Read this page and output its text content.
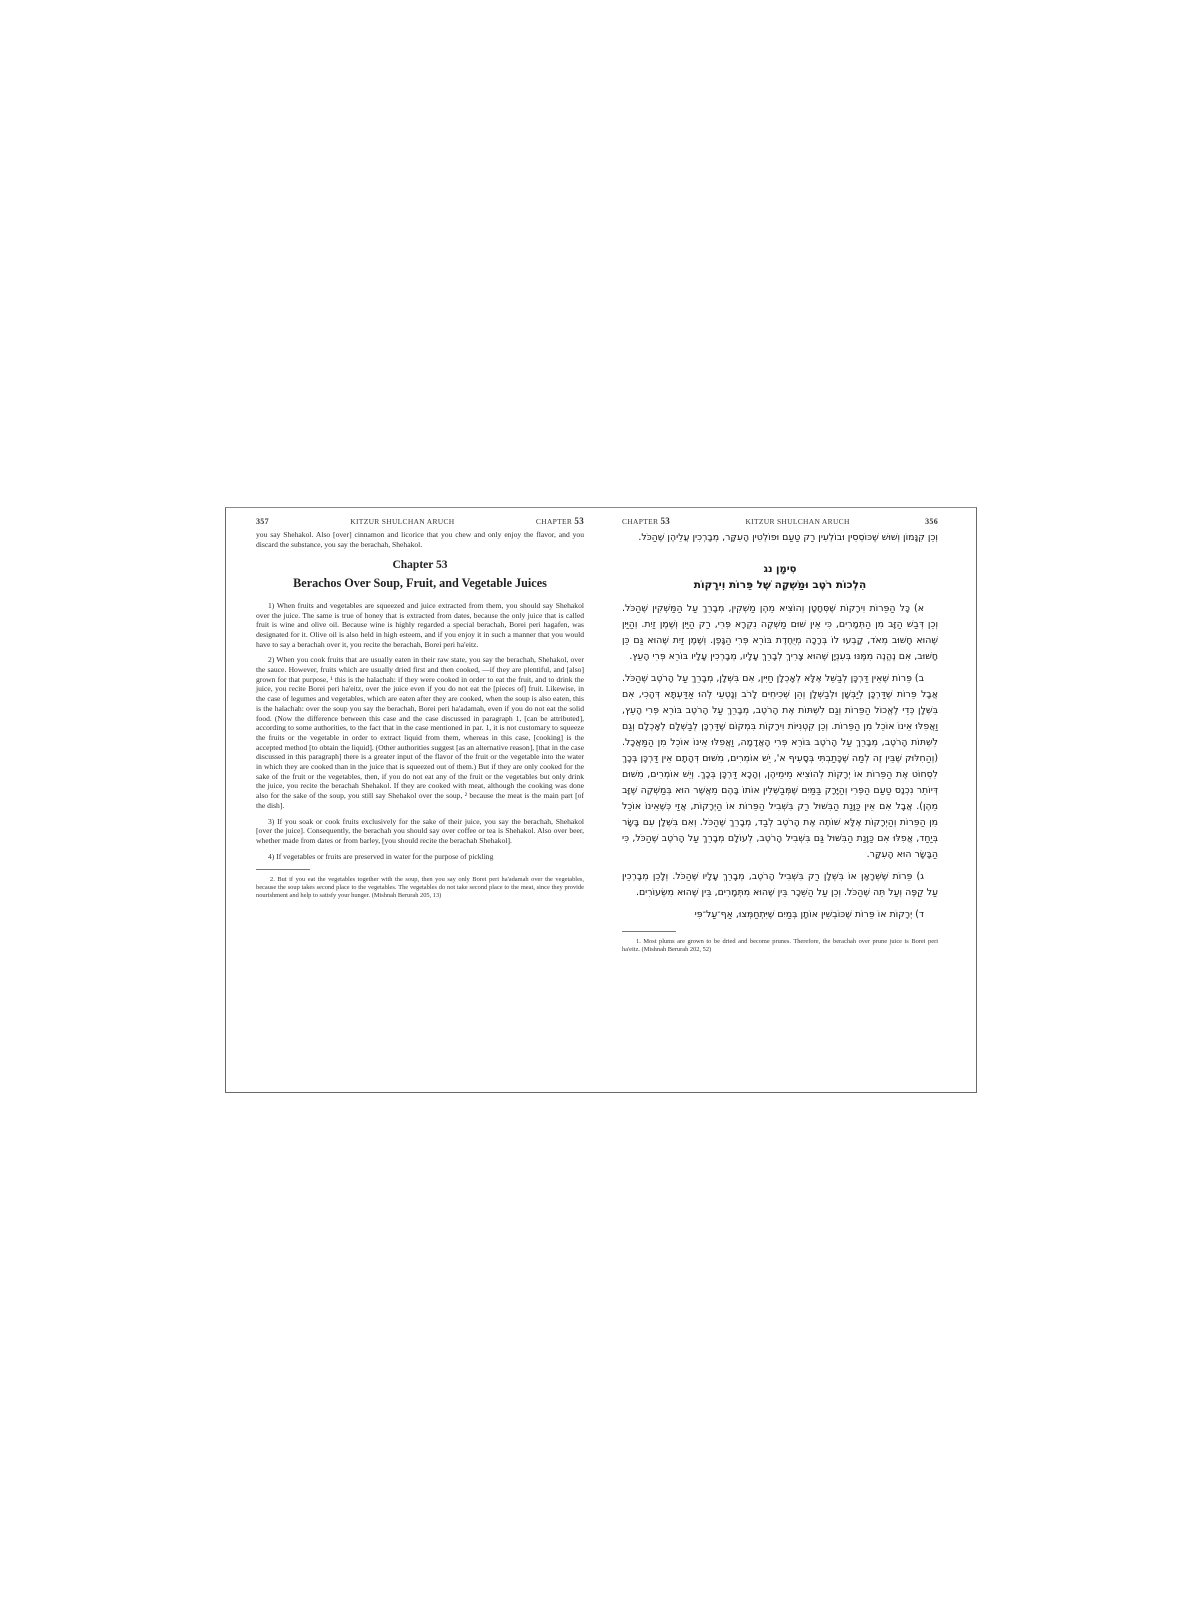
357	KITZUR SHULCHAN ARUCH	CHAPTER 53

you say Shehakol. Also [over] cinnamon and licorice that you chew and only enjoy the flavor, and you discard the substance, you say the berachah, Shehakol.

Chapter 53
Berachos Over Soup, Fruit, and Vegetable Juices

1) When fruits and vegetables are squeezed and juice extracted from them, you should say Shehakol over the juice. The same is true of honey that is extracted from dates, because the only juice that is called fruit is wine and olive oil. Because wine is highly regarded a special berachah, Borei peri hagafen, was designated for it. Olive oil is also held in high esteem, and if you enjoy it in such a manner that you would have to say a berachah over it, you recite the berachah, Borei peri ha'eitz.

2) When you cook fruits that are usually eaten in their raw state, you say the berachah, Shehakol, over the sauce. However, fruits which are usually dried first and then cooked, —if they are plentiful, and [also] grown for that purpose, ¹ this is the halachah: if they were cooked in order to eat the fruit, and to drink the juice, you recite Borei peri ha'eitz, over the juice even if you do not eat the [pieces of] fruit. Likewise, in the case of legumes and vegetables, which are eaten after they are cooked, when the soup is also eaten, this is the halachah: over the soup you say the berachah, Borei peri ha'adamah, even if you do not eat the solid food. (Now the difference between this case and the case discussed in paragraph 1, [can be attributed], according to some authorities, to the fact that in the case mentioned in par. 1, it is not customary to squeeze the fruits or the vegetable in order to extract liquid from them, whereas in this case, [cooking] is the accepted method [to obtain the liquid]. (Other authorities suggest [as an alternative reason], [that in the case discussed in this paragraph] there is a greater input of the flavor of the fruit or the vegetable into the water in which they are cooked than in the juice that is squeezed out of them.) But if they are only cooked for the sake of the fruit or the vegetables, then, if you do not eat any of the fruit or the vegetables but only drink the juice, you recite the berachah Shehakol. If they are cooked with meat, although the cooking was done also for the sake of the soup, you still say Shehakol over the soup, ² because the meat is the main part [of the dish].

3) If you soak or cook fruits exclusively for the sake of their juice, you say the berachah, Shehakol [over the juice]. Consequently, the berachah you should say over coffee or tea is Shehakol. Also over beer, whether made from dates or from barley, [you should recite the berachah Shehakol].

4) If vegetables or fruits are preserved in water for the purpose of pickling

2. But if you eat the vegetables together with the soup, then you say only Borei peri ha'adamah over the vegetables, because the soup takes second place to the vegetables. The vegetables do not take second place to the meat, since they provide nourishment and help to satisfy your hunger. (Mishnah Berurah 205, 13)
CHAPTER 53	KITZUR SHULCHAN ARUCH	356

וְכֵן קִנָּמוֹן וְשׁוּשׁ שֶׁכּוֹסְסִין וּבוֹלְעִין רַק טַעַם וּפוֹלְטִין הָעִקָּר, מְבָרְכִין עֲלֵיהֶן שֶׁהַכֹּל.

סִימָן נג
הִלְכוֹת רֹטֶב וּמַשְׁקֶה שֶׁל פֵּרוֹת וִירָקוֹת

א) כָּל הַפֵּרוֹת וִירָקוֹת שֶׁסְּחָטָן וְהוֹצִיא מֵהֶן מַשְׁקִין, מְבָרֵךְ עַל הַמַּשְׁקִין שֶׁהַכֹּל. וְכֵן דְּבַשׁ הַזָּב מִן הַתְּמָרִים, כִּי אֵין שׁוּם מַשְׁקֶה נִקְרָא פְּרִי, רַק הַיַּיִן וְשֶׁמֶן זַיִת. וְהַיַּיִן שֶׁהוּא חָשׁוּב מְאֹד, קָבְעוּ לוֹ בְּרָכָה מְיֻחֶדֶת בּוֹרֵא פְּרִי הַגָּפֶן. וְשֶׁמֶן זַיִת שֶׁהוּא גַּם כֵּן חָשׁוּב, אִם נֶהֱנֶה מִמֶּנּוּ בְּעִנְיָן שֶׁהוּא צָרִיךְ לְבָרֵךְ עָלָיו, מְבָרְכִין עָלָיו בּוֹרֵא פְּרִי הָעֵץ.

ב) פֵּרוֹת שֶׁאֵין דַּרְכָּן לְבַשֵּׁל אֶלָּא לְאָכְלָן חַיִּין, אִם בִּשְּׁלָן, מְבָרֵךְ עַל הָרֹטֶב שֶׁהַכֹּל. אֲבָל פֵּרוֹת שֶׁדַּרְכָּן לְיַבְּשָׁן וּלְבַשְּׁלָן וְהֵן שְׁכִיחִים לָרֹב וְנָטְעֵי לְהוּ אַדַּעְתָּא דְּהָכִי, אִם בִּשְּׁלָן כְּדֵי לֶאֱכוֹל הַפֵּרוֹת וְגַם לִשְׁתּוֹת אֶת הָרֹטֶב, מְבָרֵךְ עַל הָרֹטֶב בּוֹרֵא פְּרִי הָעֵץ, וַאֲפִלּוּ אֵינוֹ אוֹכֵל מִן הַפֵּרוֹת. וְכֵן קִטְנִיּוֹת וִירָקוֹת בִּמְקוֹם שֶׁדַּרְכָּן לְבַשְּׁלָם לְאָכְלָם וְגַם לִשְׁתּוֹת הָרֹטֶב, מְבָרֵךְ עַל הָרֹטֶב בּוֹרֵא פְּרִי הָאֲדָמָה, וַאֲפִלּוּ אֵינוֹ אוֹכֵל מִן הַמַּאֲכָל. (וְהַחִלּוּק שֶׁבֵּין זֶה לְמַה שֶּׁכָּתַבְתִּי בְּסָעִיף א', יֵשׁ אוֹמְרִים, מִשּׁוּם דְּהָתָם אֵין דַּרְכָּן בְּכָךְ לִסְחוֹט אֶת הַפֵּרוֹת אוֹ יְרָקוֹת לְהוֹצִיא מֵימֵיהֶן, וְהָכָא דַּרְכָּן בְּכָךְ. וְיֵשׁ אוֹמְרִים, מִשּׁוּם דְּיוֹתֵר נִכְנָס טַעַם הַפְּרִי וְהַיָּרָק בַּמַּיִם שֶׁמְּבַשְּׁלִין אוֹתוֹ בָּהֶם מֵאֲשֶׁר הוּא בְּמַשְׁקֶה שֶׁזָּב מֵהֶן). אֲבָל אִם אֵין כַּוָּנַת הַבִּשּׁוּל רַק בִּשְׁבִיל הַפֵּרוֹת אוֹ הַיְרָקוֹת, אֲזַי כְּשֶׁאֵינוֹ אוֹכֵל מִן הַפֵּרוֹת וְהַיְרָקוֹת אֶלָּא שׁוֹתֶה אֶת הָרֹטֶב לְבַד, מְבָרֵךְ שֶׁהַכֹּל. וְאִם בִּשְּׁלָן עִם בָּשָׂר בְּיַחַד, אֲפִלּוּ אִם כַּוָּנַת הַבִּשּׁוּל גַּם בִּשְׁבִיל הָרֹטֶב, לְעוֹלָם מְבָרֵךְ עַל הָרֹטֶב שֶׁהַכֹּל, כִּי הַבָּשָׂר הוּא הָעִקָּר.

ג) פֵּרוֹת שֶׁשְּׁרָאָן אוֹ בִּשְּׁלָן רַק בִּשְׁבִיל הָרֹטֶב, מְבָרֵךְ עָלָיו שֶׁהַכֹּל. וְלָכֵן מְבָרְכִין עַל קַפֶּה וְעַל תֵּה שֶׁהַכֹּל. וְכֵן עַל הַשֵּׁכָר בֵּין שֶׁהוּא מִתְּמָרִים, בֵּין שֶׁהוּא מִשְּׂעוֹרִים.

ד) יְרָקוֹת אוֹ פֵּרוֹת שֶׁכּוֹבְשִׁין אוֹתָן בְּמַיִם שֶׁיִּתְחַמְּצוּ, אַף־עַל־פִּי

1. Most plums are grown to be dried and become prunes. Therefore, the berachah over prune juice is Borei peri ha'eitz. (Mishnah Berurah 202, 52)
